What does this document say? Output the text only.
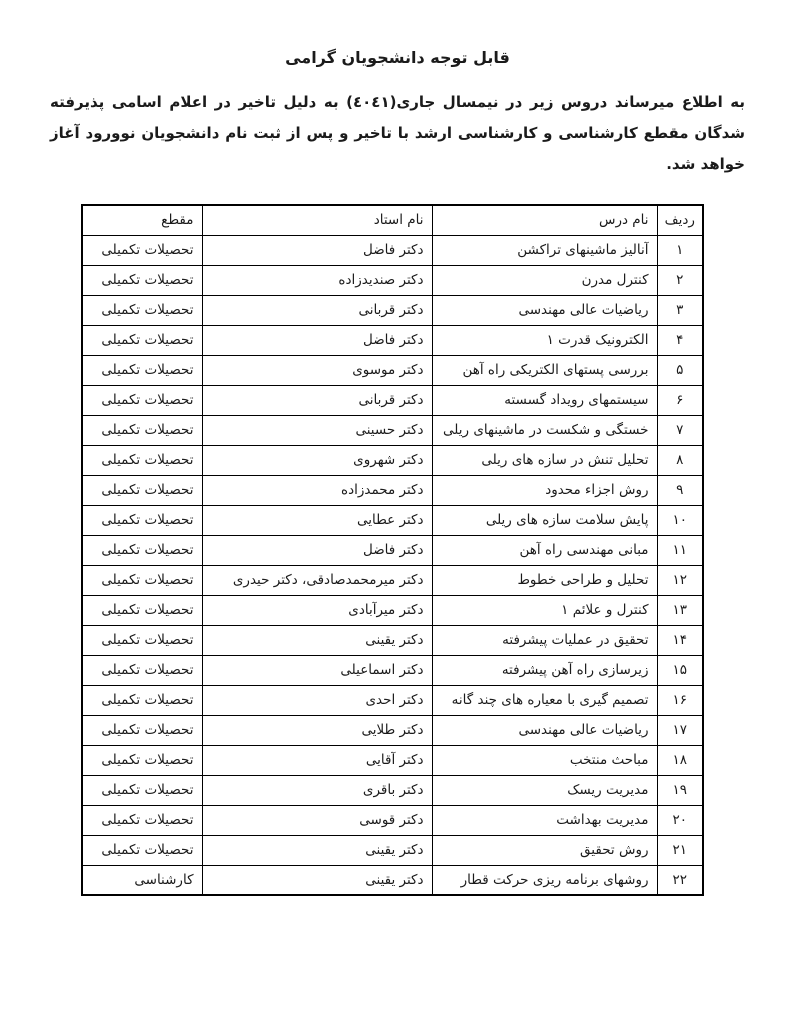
قابل توجه دانشجویان گرامی

به اطلاع میرساند دروس زیر در نیمسال جاری(٤٠٤١) به دلیل تاخیر در اعلام اسامی پذیرفته شدگان مقطع کارشناسی و کارشناسی ارشد با تاخیر و پس از ثبت نام دانشجویان نوورود آغاز خواهد شد.

ردیف	نام درس	نام استاد	مقطع
۱	آنالیز ماشینهای تراکشن	دکتر فاضل	تحصیلات تکمیلی
۲	کنترل مدرن	دکتر صندیدزاده	تحصیلات تکمیلی
۳	ریاضیات عالی مهندسی	دکتر قربانی	تحصیلات تکمیلی
۴	الکترونیک قدرت ۱	دکتر فاضل	تحصیلات تکمیلی
۵	بررسی پستهای الکتریکی راه آهن	دکتر موسوی	تحصیلات تکمیلی
۶	سیستمهای رویداد گسسته	دکتر قربانی	تحصیلات تکمیلی
۷	خستگی و شکست در ماشینهای ریلی	دکتر حسینی	تحصیلات تکمیلی
۸	تحلیل تنش در سازه های ریلی	دکتر شهروی	تحصیلات تکمیلی
۹	روش اجزاء محدود	دکتر محمدزاده	تحصیلات تکمیلی
۱۰	پایش سلامت سازه های ریلی	دکتر عطایی	تحصیلات تکمیلی
۱۱	مبانی مهندسی راه آهن	دکتر فاضل	تحصیلات تکمیلی
۱۲	تحلیل و طراحی خطوط	دکتر میرمحمدصادقی، دکتر حیدری	تحصیلات تکمیلی
۱۳	کنترل و علائم ۱	دکتر میرآبادی	تحصیلات تکمیلی
۱۴	تحقیق در عملیات پیشرفته	دکتر یقینی	تحصیلات تکمیلی
۱۵	زیرسازی راه آهن پیشرفته	دکتر اسماعیلی	تحصیلات تکمیلی
۱۶	تصمیم گیری با معیاره های چند گانه	دکتر احدی	تحصیلات تکمیلی
۱۷	ریاضیات عالی مهندسی	دکتر طلایی	تحصیلات تکمیلی
۱۸	مباحث منتخب	دکتر آقایی	تحصیلات تکمیلی
۱۹	مدیریت ریسک	دکتر باقری	تحصیلات تکمیلی
۲۰	مدیریت بهداشت	دکتر قوسی	تحصیلات تکمیلی
۲۱	روش تحقیق	دکتر یقینی	تحصیلات تکمیلی
۲۲	روشهای برنامه ریزی حرکت قطار	دکتر یقینی	کارشناسی
